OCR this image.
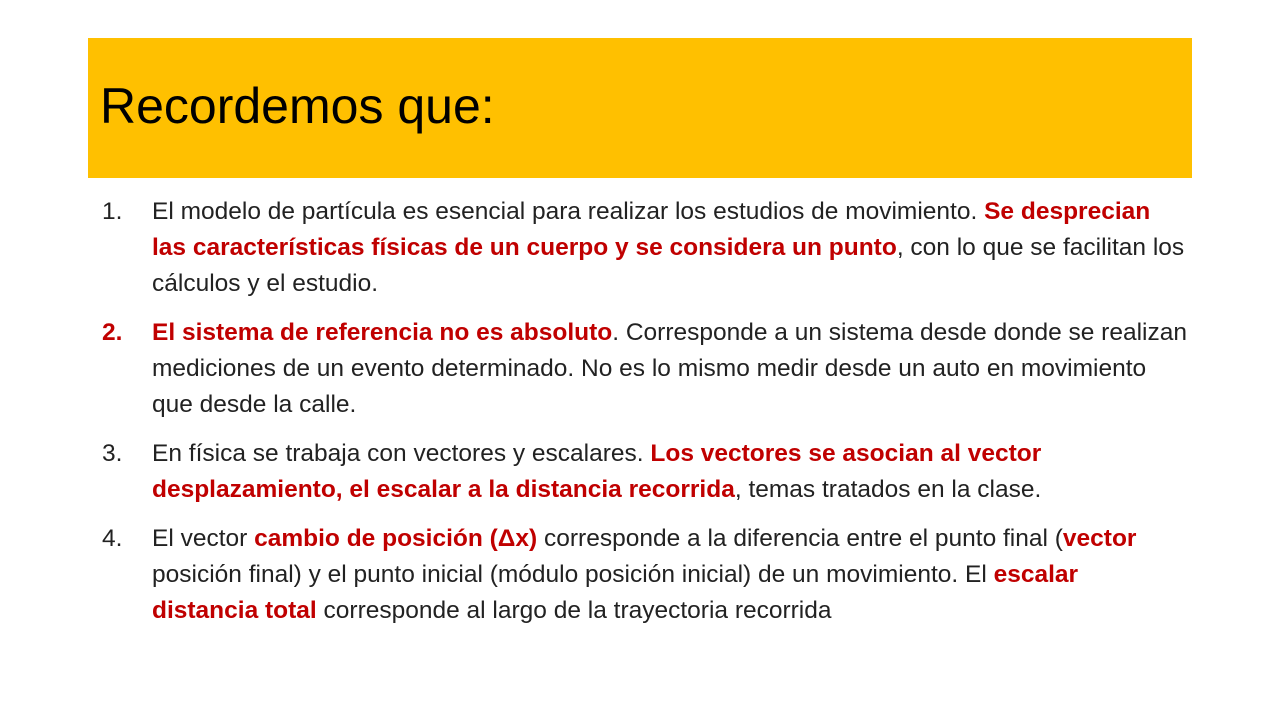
Recordemos que:
1. El modelo de partícula es esencial para realizar los estudios de movimiento. Se desprecian las características físicas de un cuerpo y se considera un punto, con lo que se facilitan los cálculos y el estudio.
2. El sistema de referencia no es absoluto. Corresponde a un sistema desde donde se realizan mediciones de un evento determinado. No es lo mismo medir desde un auto en movimiento que desde la calle.
3. En física se trabaja con vectores y escalares. Los vectores se asocian al vector desplazamiento, el escalar a la distancia recorrida, temas tratados en la clase.
4. El vector cambio de posición (Δx) corresponde a la diferencia entre el punto final (vector posición final) y el punto inicial (módulo posición inicial) de un movimiento. El escalar distancia total corresponde al largo de la trayectoria recorrida
